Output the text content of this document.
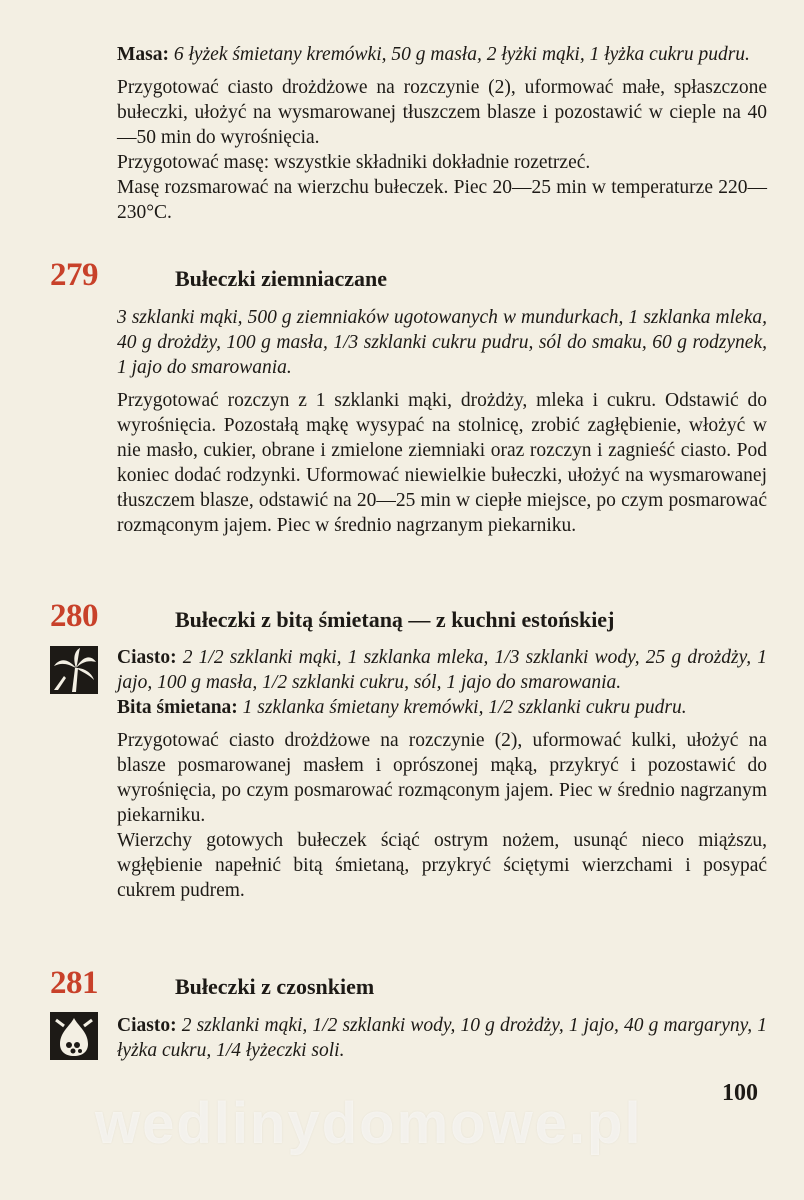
Masa: 6 łyżek śmietany kremówki, 50 g masła, 2 łyżki mąki, 1 łyżka cukru pudru.

Przygotować ciasto drożdżowe na rozczynie (2), uformować małe, spłaszczone bułeczki, ułożyć na wysmarowanej tłuszczem blasze i pozostawić w cieple na 40—50 min do wyrośnięcia.

Przygotować masę: wszystkie składniki dokładnie rozetrzeć.

Masę rozsmarować na wierzchu bułeczek. Piec 20—25 min w temperaturze 220—230°C.

279	Bułeczki ziemniaczane

3 szklanki mąki, 500 g ziemniaków ugotowanych w mundurkach, 1 szklanka mleka, 40 g drożdży, 100 g masła, 1/3 szklanki cukru pudru, sól do smaku, 60 g rodzynek, 1 jajo do smarowania.

Przygotować rozczyn z 1 szklanki mąki, drożdży, mleka i cukru. Odstawić do wyrośnięcia. Pozostałą mąkę wysypać na stolnicę, zrobić zagłębienie, włożyć w nie masło, cukier, obrane i zmielone ziemniaki oraz rozczyn i zagnieść ciasto. Pod koniec dodać rodzynki. Uformować niewielkie bułeczki, ułożyć na wysmarowanej tłuszczem blasze, odstawić na 20—25 min w ciepłe miejsce, po czym posmarować rozmąconym jajem. Piec w średnio nagrzanym piekarniku.

280	Bułeczki z bitą śmietaną — z kuchni estońskiej

Ciasto: 2 1/2 szklanki mąki, 1 szklanka mleka, 1/3 szklanki wody, 25 g drożdży, 1 jajo, 100 g masła, 1/2 szklanki cukru, sól, 1 jajo do smarowania.

Bita śmietana: 1 szklanka śmietany kremówki, 1/2 szklanki cukru pudru.

Przygotować ciasto drożdżowe na rozczynie (2), uformować kulki, ułożyć na blasze posmarowanej masłem i oprószonej mąką, przykryć i pozostawić do wyrośnięcia, po czym posmarować rozmąconym jajem. Piec w średnio nagrzanym piekarniku.

Wierzchy gotowych bułeczek ściąć ostrym nożem, usunąć nieco miąższu, wgłębienie napełnić bitą śmietaną, przykryć ściętymi wierzchami i posypać cukrem pudrem.

281	Bułeczki z czosnkiem

Ciasto: 2 szklanki mąki, 1/2 szklanki wody, 10 g drożdży, 1 jajo, 40 g margaryny, 1 łyżka cukru, 1/4 łyżeczki soli.

wedlinydomowe.pl	100
